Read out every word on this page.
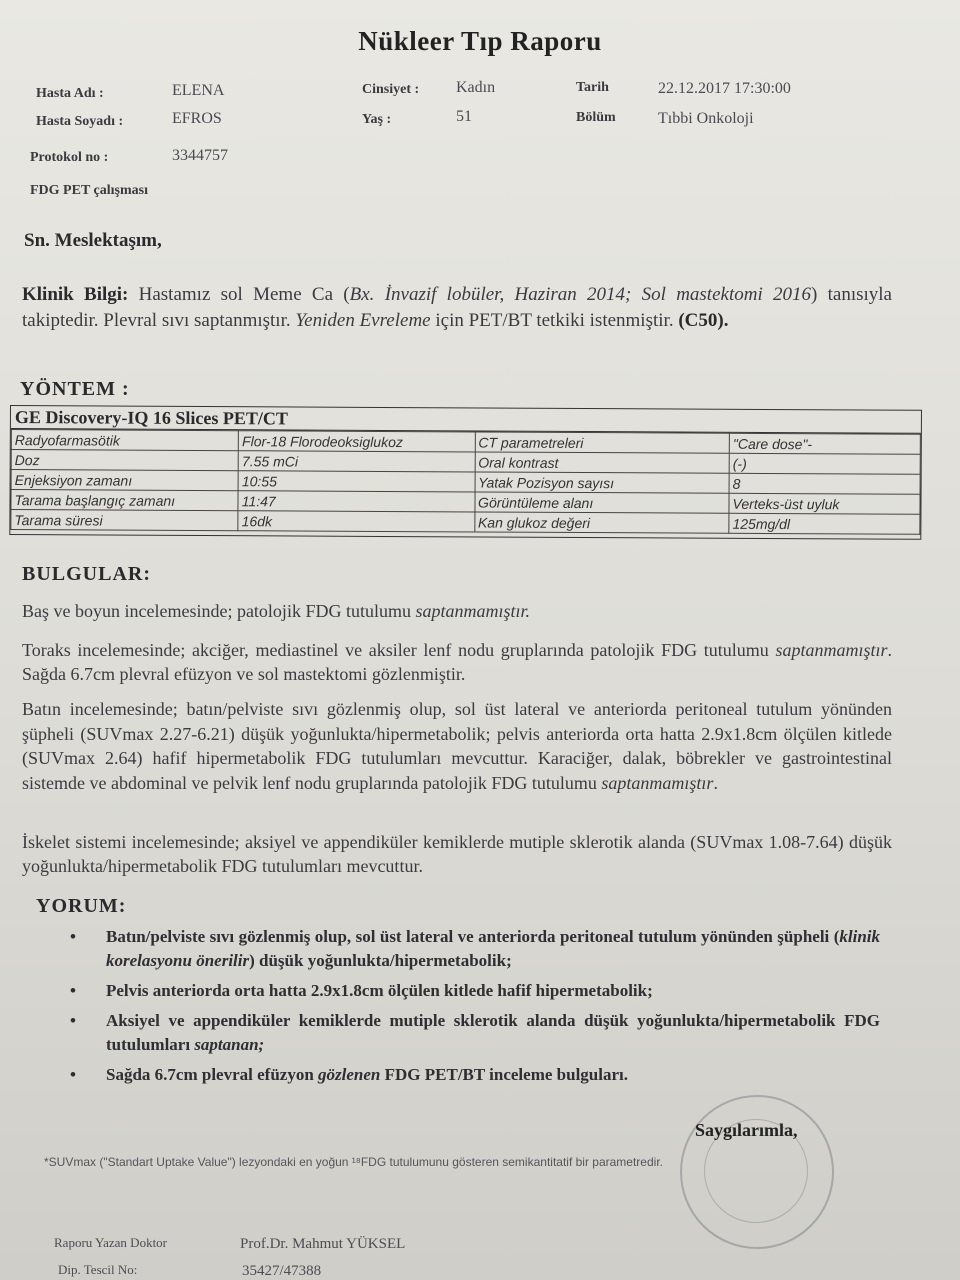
Nükleer Tıp Raporu
Hasta Adı :	ELENA
Hasta Soyadı :	EFROS
Protokol no :	3344757
Cinsiyet : Kadın
Yaş :	51
Tarih	22.12.2017 17:30:00
Bölüm	Tıbbi Onkoloji
FDG PET çalışması
Sn. Meslektaşım,
Klinik Bilgi: Hastamız sol Meme Ca (Bx. İnvazif lobüler, Haziran 2014; Sol mastektomi 2016) tanısıyla takiptedir. Plevral sıvı saptanmıştır. Yeniden Evreleme için PET/BT tetkiki istenmiştir. (C50).
YÖNTEM :
GE Discovery-IQ 16 Slices PET/CT
Radyofarmasötik	Flor-18 Florodeoksiglukoz	CT parametreleri	"Care dose"-
Doz	7.55 mCi	Oral kontrast	(-)
Enjeksiyon zamanı	10:55	Yatak Pozisyon sayısı	8
Tarama başlangıç zamanı	11:47	Görüntüleme alanı	Verteks-üst uyluk
Tarama süresi	16dk	Kan glukoz değeri	125mg/dl
BULGULAR:
Baş ve boyun incelemesinde; patolojik FDG tutulumu saptanmamıştır.
Toraks incelemesinde; akciğer, mediastinel ve aksiler lenf nodu gruplarında patolojik FDG tutulumu saptanmamıştır. Sağda 6.7cm plevral efüzyon ve sol mastektomi gözlenmiştir.
Batın incelemesinde; batın/pelviste sıvı gözlenmiş olup, sol üst lateral ve anteriorda peritoneal tutulum yönünden şüpheli (SUVmax 2.27-6.21) düşük yoğunlukta/hipermetabolik; pelvis anteriorda orta hatta 2.9x1.8cm ölçülen kitlede (SUVmax 2.64) hafif hipermetabolik FDG tutulumları mevcuttur. Karaciğer, dalak, böbrekler ve gastrointestinal sistemde ve abdominal ve pelvik lenf nodu gruplarında patolojik FDG tutulumu saptanmamıştır.
İskelet sistemi incelemesinde; aksiyel ve appendiküler kemiklerde mutiple sklerotik alanda (SUVmax 1.08-7.64) düşük yoğunlukta/hipermetabolik FDG tutulumları mevcuttur.
YORUM:
• Batın/pelviste sıvı gözlenmiş olup, sol üst lateral ve anteriorda peritoneal tutulum yönünden şüpheli (klinik korelasyonu önerilir) düşük yoğunlukta/hipermetabolik;
• Pelvis anteriorda orta hatta 2.9x1.8cm ölçülen kitlede hafif hipermetabolik;
• Aksiyel ve appendiküler kemiklerde mutiple sklerotik alanda düşük yoğunlukta/hipermetabolik FDG tutulumları saptanan;
• Sağda 6.7cm plevral efüzyon gözlenen FDG PET/BT inceleme bulguları.
Saygılarımla,
*SUVmax ("Standart Uptake Value") lezyondaki en yoğun ¹⁸FDG tutulumunu gösteren semikantitatif bir parametredir.
Raporu Yazan Doktor	Prof.Dr. Mahmut YÜKSEL
Dip. Tescil No:	35427/47388
